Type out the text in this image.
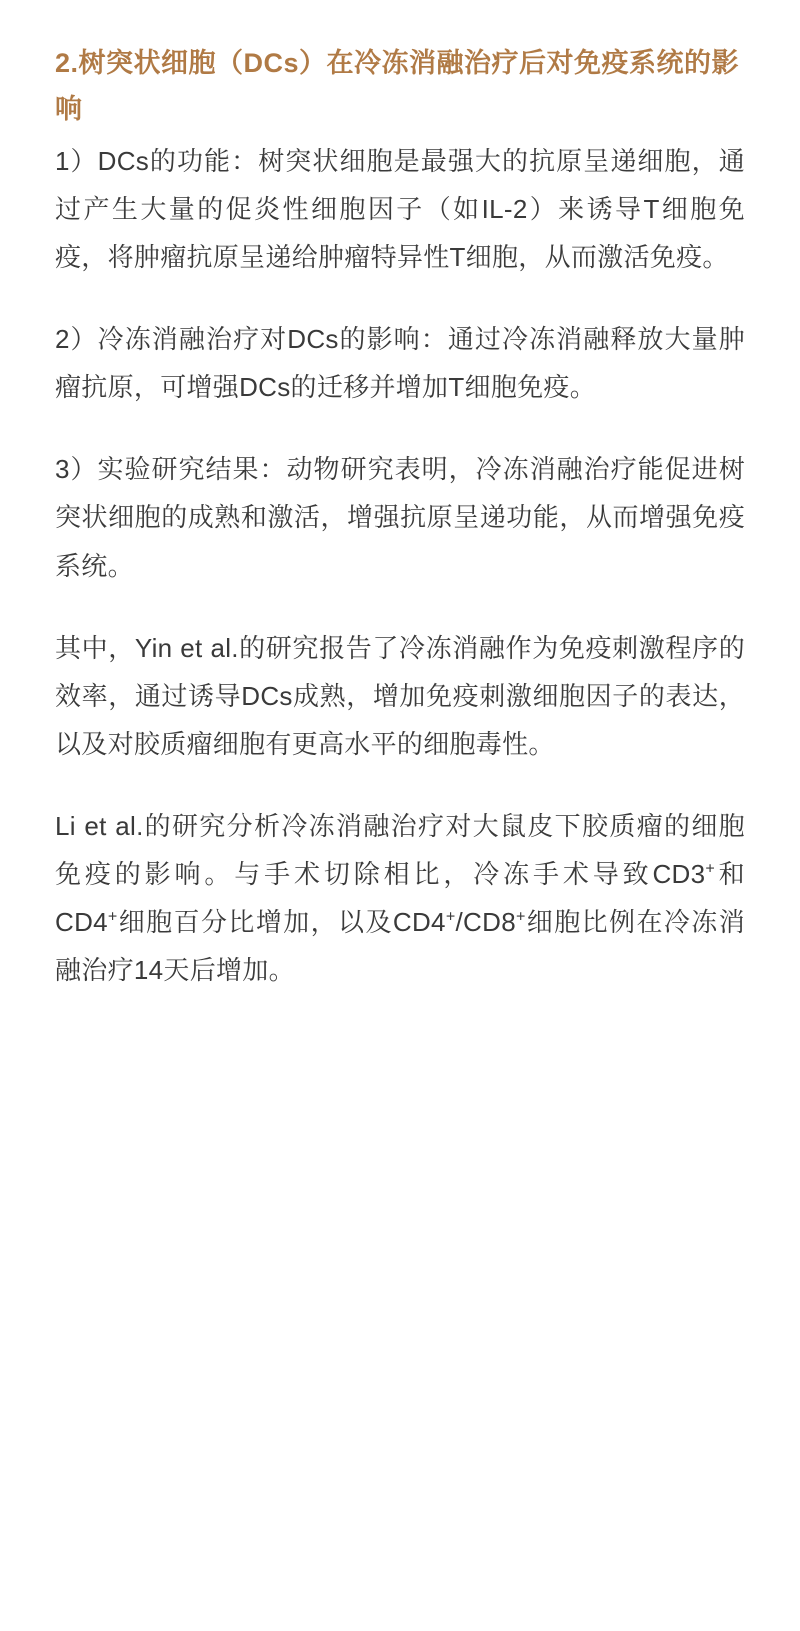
2.树突状细胞（DCs）在冷冻消融治疗后对免疫系统的影响

1）DCs的功能：树突状细胞是最强大的抗原呈递细胞，通过产生大量的促炎性细胞因子（如IL-2）来诱导T细胞免疫，将肿瘤抗原呈递给肿瘤特异性T细胞，从而激活免疫。

2）冷冻消融治疗对DCs的影响：通过冷冻消融释放大量肿瘤抗原，可增强DCs的迁移并增加T细胞免疫。

3）实验研究结果：动物研究表明，冷冻消融治疗能促进树突状细胞的成熟和激活，增强抗原呈递功能，从而增强免疫系统。

其中，Yin et al.的研究报告了冷冻消融作为免疫刺激程序的效率，通过诱导DCs成熟，增加免疫刺激细胞因子的表达，以及对胶质瘤细胞有更高水平的细胞毒性。

Li et al.的研究分析冷冻消融治疗对大鼠皮下胶质瘤的细胞免疫的影响。与手术切除相比，冷冻手术导致CD3+和CD4+细胞百分比增加，以及CD4+/CD8+细胞比例在冷冻消融治疗14天后增加。
